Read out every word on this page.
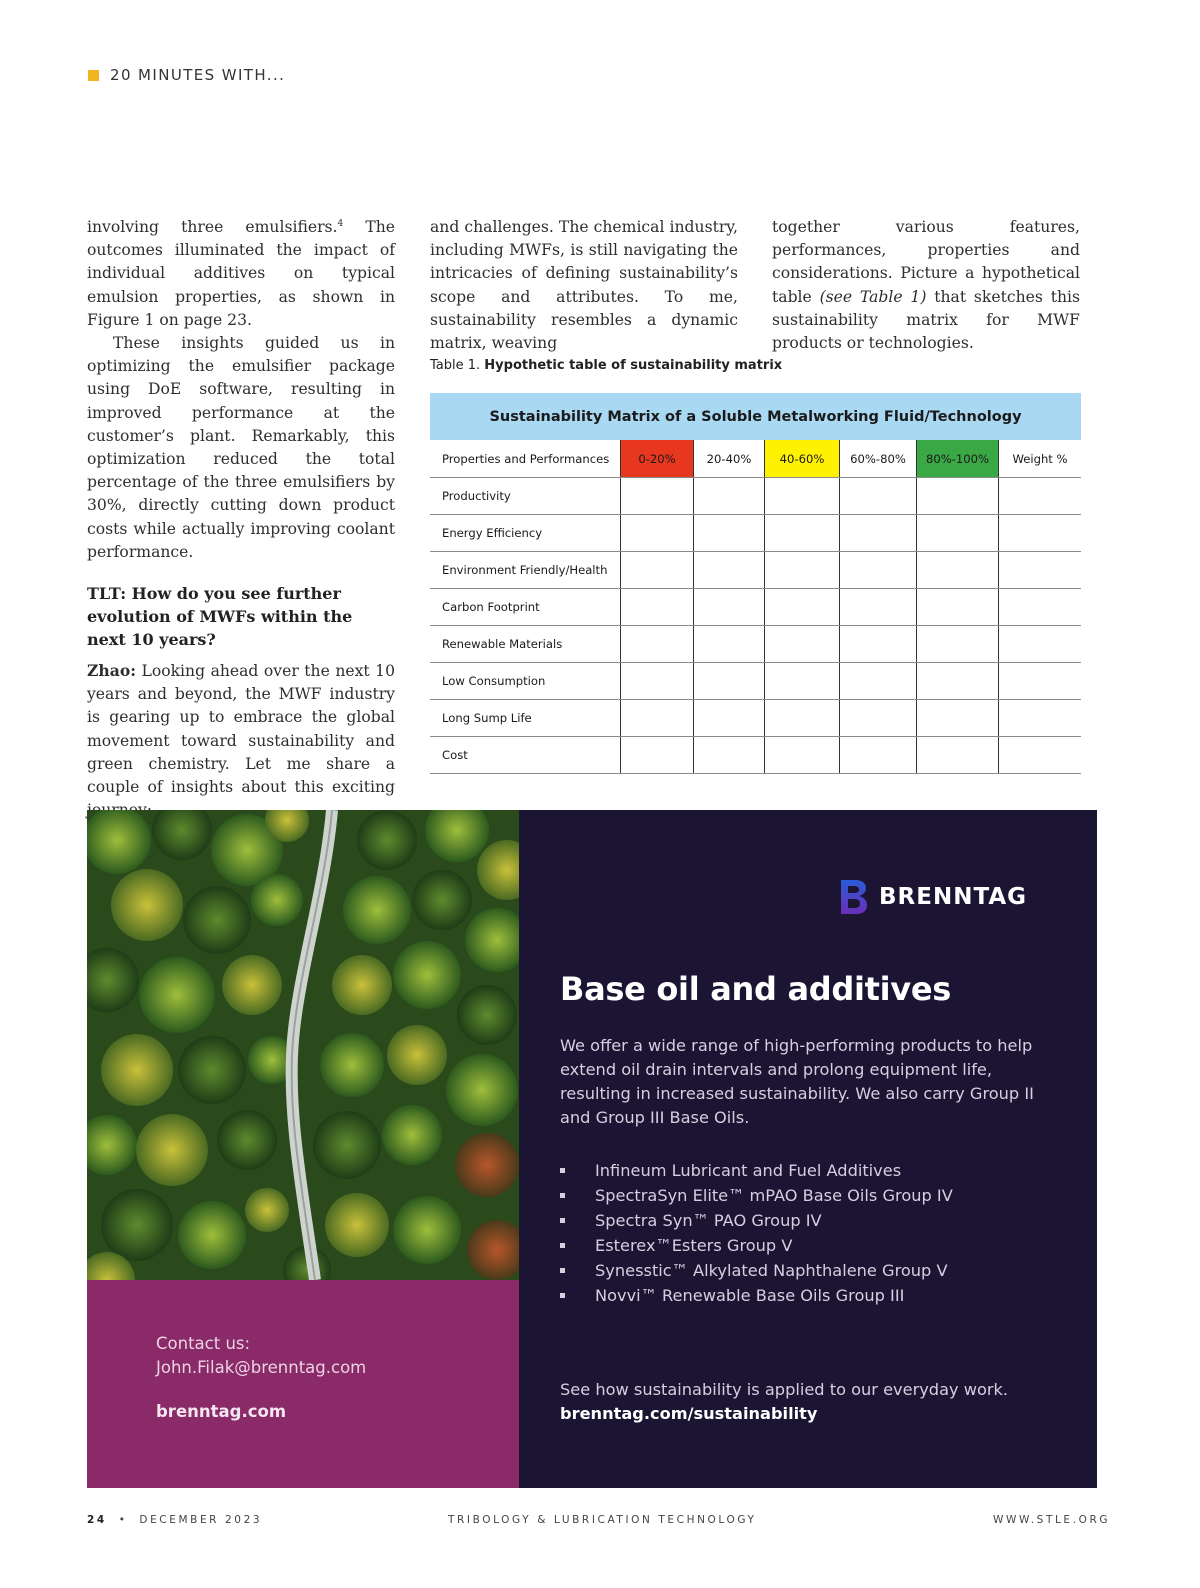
20 MINUTES WITH...

involving three emulsifiers.$^4$ The outcomes illuminated the impact of individual additives on typical emulsion properties, as shown in Figure 1 on page 23.

These insights guided us in optimizing the emulsifier package using DoE software, resulting in improved performance at the customer’s plant. Remarkably, this optimization reduced the total percentage of the three emulsifiers by 30%, directly cutting down product costs while actually improving coolant performance.

TLT: How do you see further evolution of MWFs within the next 10 years?

Zhao: Looking ahead over the next 10 years and beyond, the MWF industry is gearing up to embrace the global movement toward sustainability and green chemistry. Let me share a couple of insights about this exciting

and challenges. The chemical industry, including MWFs, is still navigating the intricacies of defining sustainability’s scope and attributes. To me, sustainability resembles a dynamic matrix, weaving

together various features, performances, properties and considerations. Picture a hypothetical table (see Table 1) that sketches this sustainability matrix for MWF products or technologies.

Table 1. Hypothetic table of sustainability matrix
Sustainability Matrix of a Soluble Metalworking Fluid/Technology						
Properties and Performances	0-20%	20-40%	40-60%	60%-80%	80%-100%	Weight %
Productivity						
Energy Efficiency						
Environment Friendly/Health						
Carbon Footprint						
Renewable Materials						
Low Consumption						
Long Sump Life						
Cost						
Contact us:
John.Filak@brenntag.com
brenntag.com
BRENNTAG
Base oil and additives
We offer a wide range of high-performing products to help extend oil drain intervals and prolong equipment life, resulting in increased sustainability. We also carry Group II and Group III Base Oils.
Infineum Lubricant and Fuel Additives
SpectraSyn Elite™ mPAO Base Oils Group IV
Spectra Syn™ PAO Group IV
Esterex™Esters Group V
Synesstic™ Alkylated Naphthalene Group V
Novvi™ Renewable Base Oils Group III
See how sustainability is applied to our everyday work.
brenntag.com/sustainability
24 • DECEMBER 2023	TRIBOLOGY & LUBRICATION TECHNOLOGY	WWW.STLE.ORG
